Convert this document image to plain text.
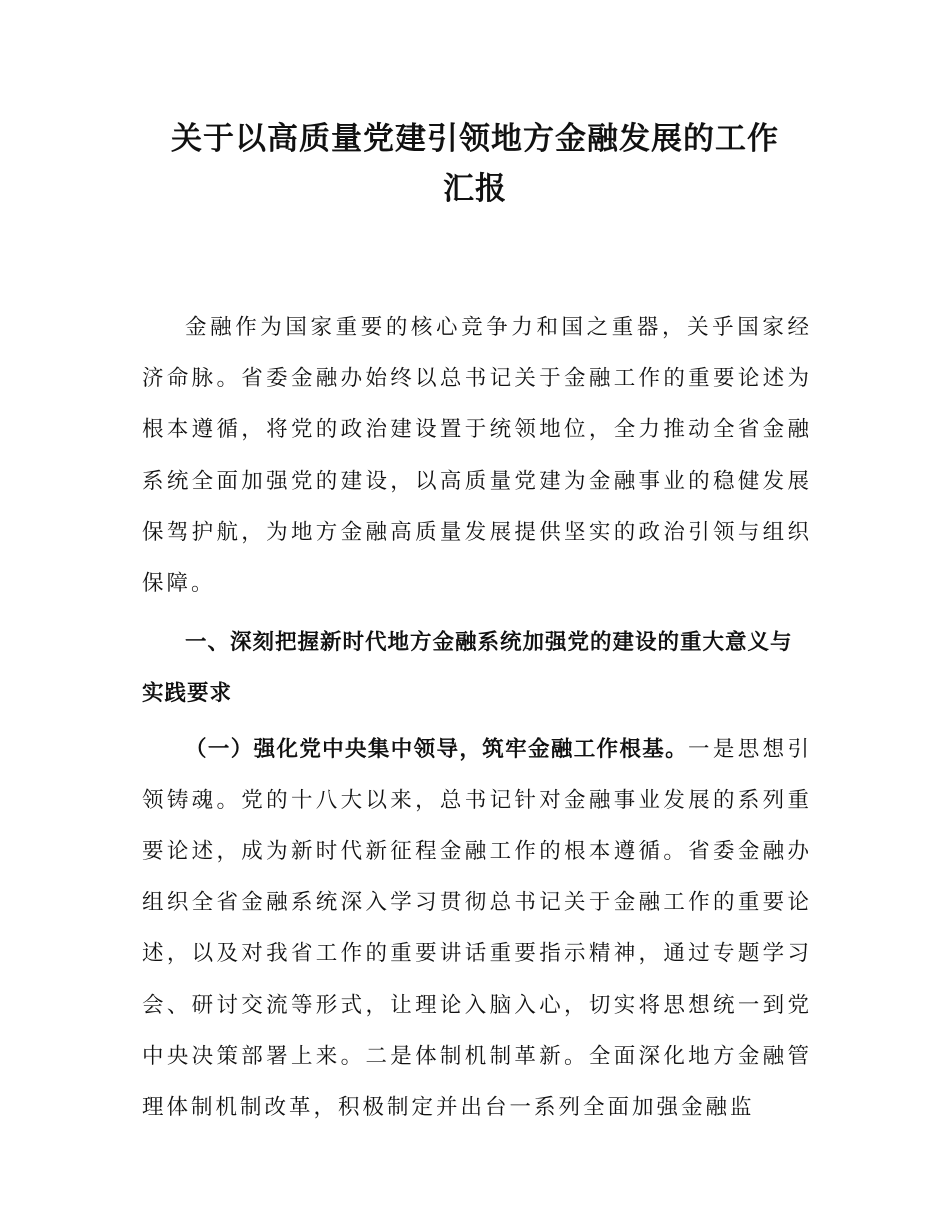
关于以高质量党建引领地方金融发展的工作
汇报

金融作为国家重要的核心竞争力和国之重器，关乎国家经济命脉。省委金融办始终以总书记关于金融工作的重要论述为根本遵循，将党的政治建设置于统领地位，全力推动全省金融系统全面加强党的建设，以高质量党建为金融事业的稳健发展保驾护航，为地方金融高质量发展提供坚实的政治引领与组织保障。

一、深刻把握新时代地方金融系统加强党的建设的重大意义与实践要求

（一）强化党中央集中领导，筑牢金融工作根基。一是思想引领铸魂。党的十八大以来，总书记针对金融事业发展的系列重要论述，成为新时代新征程金融工作的根本遵循。省委金融办组织全省金融系统深入学习贯彻总书记关于金融工作的重要论述，以及对我省工作的重要讲话重要指示精神，通过专题学习会、研讨交流等形式，让理论入脑入心，切实将思想统一到党中央决策部署上来。二是体制机制革新。全面深化地方金融管理体制机制改革，积极制定并出台一系列全面加强金融监
